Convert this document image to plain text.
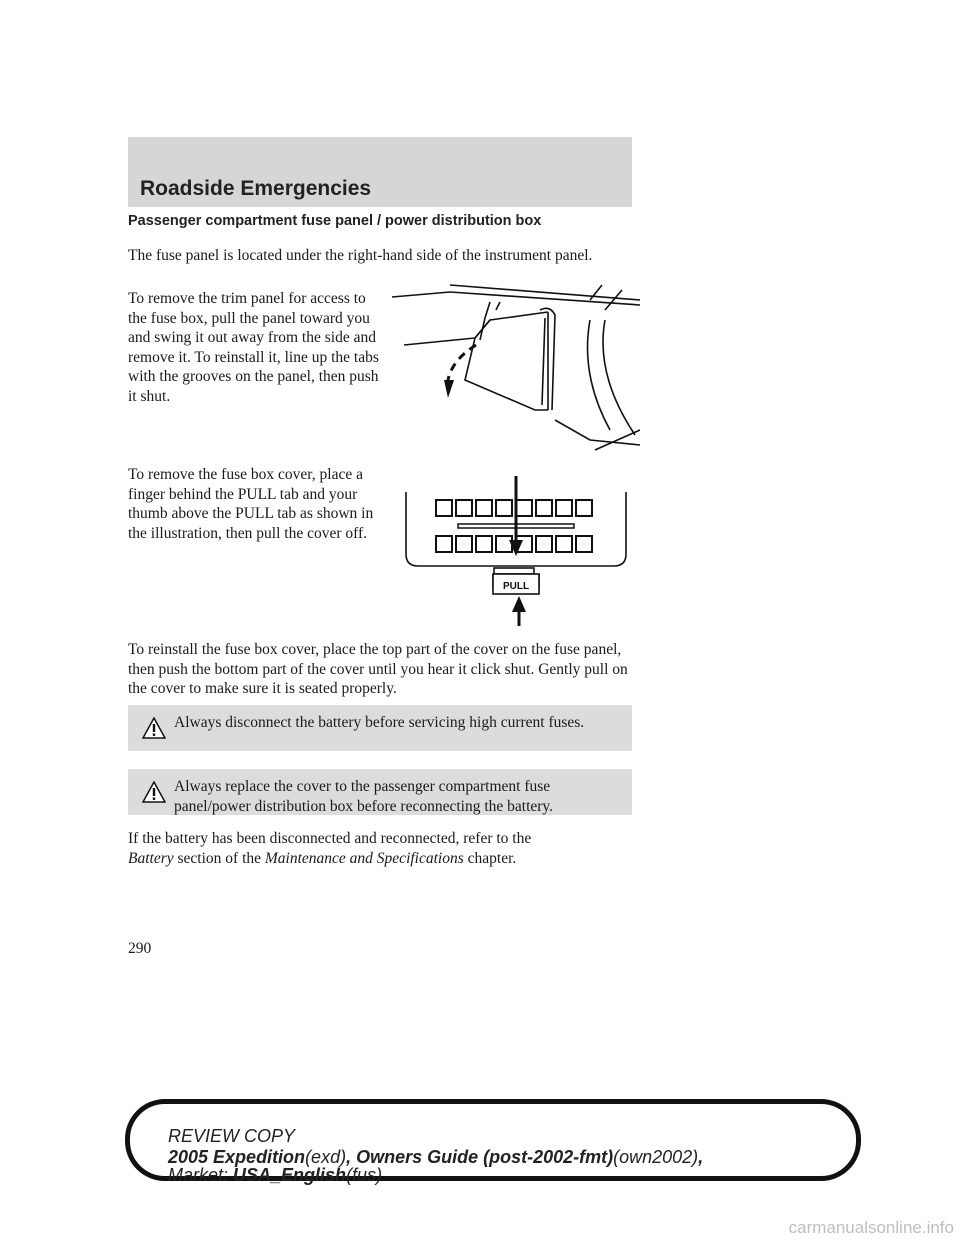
Roadside Emergencies
Passenger compartment fuse panel / power distribution box

The fuse panel is located under the right-hand side of the instrument panel.

To remove the trim panel for access to the fuse box, pull the panel toward you and swing it out away from the side and remove it. To reinstall it, line up the tabs with the grooves on the panel, then push it shut.

To remove the fuse box cover, place a finger behind the PULL tab and your thumb above the PULL tab as shown in the illustration, then pull the cover off.

To reinstall the fuse box cover, place the top part of the cover on the fuse panel, then push the bottom part of the cover until you hear it click shut. Gently pull on the cover to make sure it is seated properly.

PULL
Always disconnect the battery before servicing high current fuses.
Always replace the cover to the passenger compartment fuse panel/power distribution box before reconnecting the battery.

If the battery has been disconnected and reconnected, refer to the
Battery section of the Maintenance and Specifications chapter.

290
REVIEW COPY
2005 Expedition(exd), Owners Guide (post-2002-fmt)(own2002),
Market: USA_English(fus)
carmanualsonline.info
